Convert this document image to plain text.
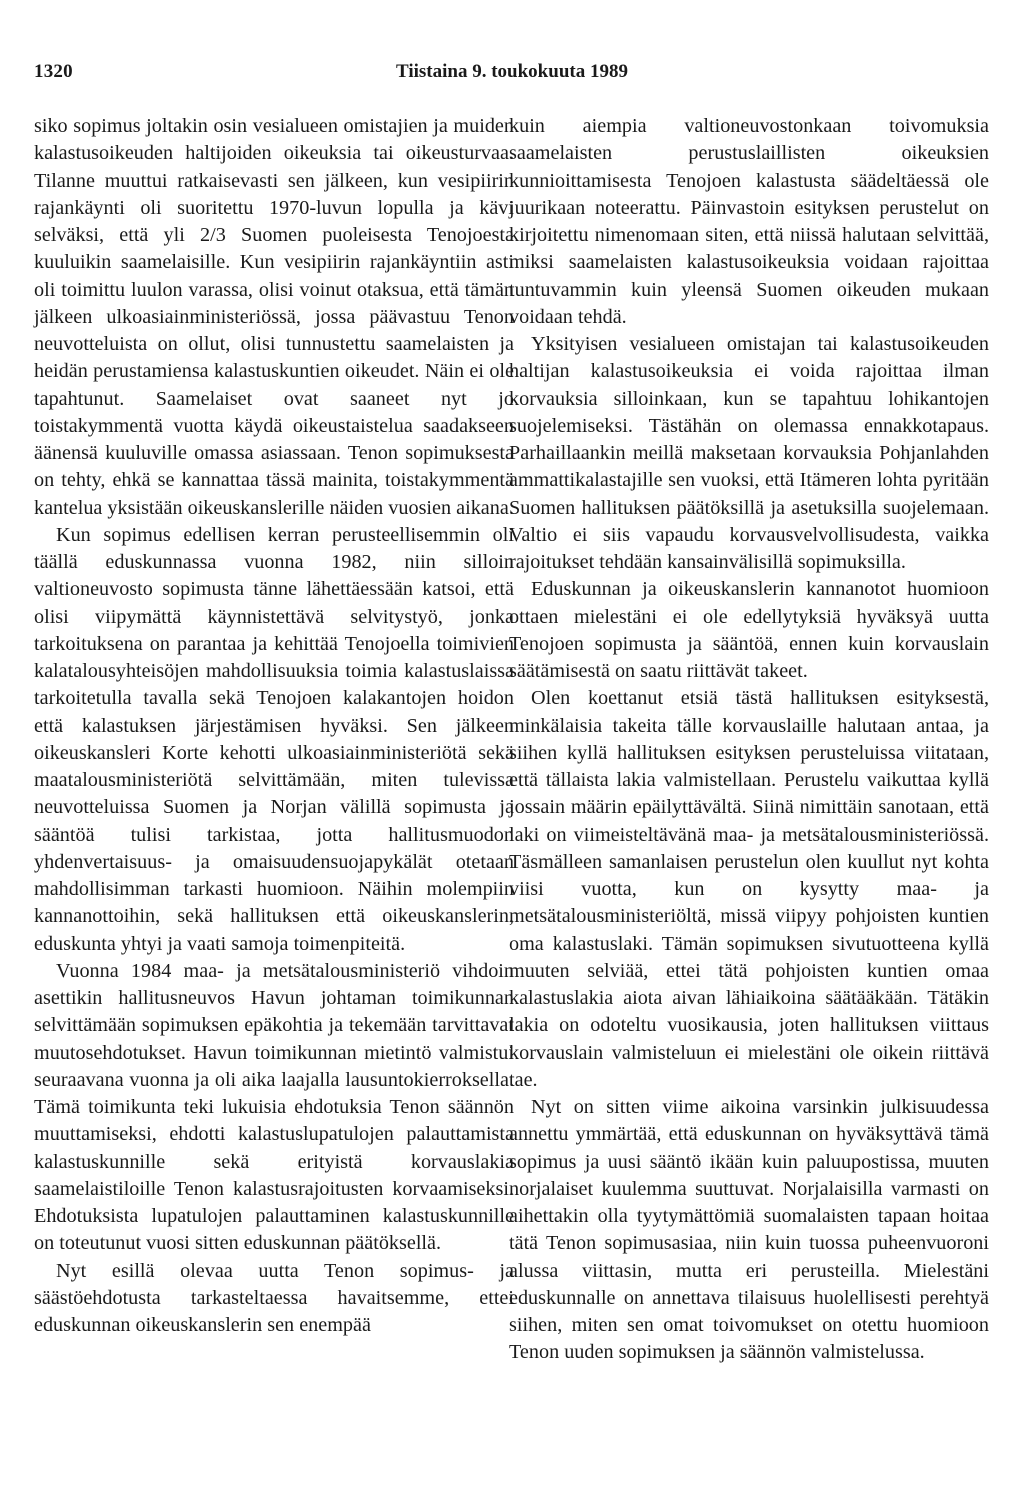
1320	Tiistaina 9. toukokuuta 1989

siko sopimus joltakin osin vesialueen omistajien ja muiden kalastusoikeuden haltijoiden oikeuksia tai oikeusturvaa. Tilanne muuttui ratkaisevasti sen jälkeen, kun vesipiirin rajankäynti oli suoritettu 1970-luvun lopulla ja kävi selväksi, että yli 2/3 Suomen puoleisesta Tenojoesta kuuluikin saamelaisille. Kun vesipiirin rajankäyntiin asti oli toimittu luulon varassa, olisi voinut otaksua, että tämän jälkeen ulkoasiainministeriössä, jossa päävastuu Tenon neuvotteluista on ollut, olisi tunnustettu saamelaisten ja heidän perustamiensa kalastuskuntien oikeudet. Näin ei ole tapahtunut. Saamelaiset ovat saaneet nyt jo toistakymmentä vuotta käydä oikeustaistelua saadakseen äänensä kuuluville omassa asiassaan. Tenon sopimuksesta on tehty, ehkä se kannattaa tässä mainita, toistakymmentä kantelua yksistään oikeuskanslerille näiden vuosien aikana.

Kun sopimus edellisen kerran perusteellisemmin oli täällä eduskunnassa vuonna 1982, niin silloin valtioneuvosto sopimusta tänne lähettäessään katsoi, että olisi viipymättä käynnistettävä selvitystyö, jonka tarkoituksena on parantaa ja kehittää Tenojoella toimivien kalatalousyhteisöjen mahdollisuuksia toimia kalastuslaissa tarkoitetulla tavalla sekä Tenojoen kalakantojen hoidon että kalastuksen järjestämisen hyväksi. Sen jälkeen oikeuskansleri Korte kehotti ulkoasiainministeriötä sekä maatalousministeriötä selvittämään, miten tulevissa neuvotteluissa Suomen ja Norjan välillä sopimusta ja sääntöä tulisi tarkistaa, jotta hallitusmuodon yhdenvertaisuus- ja omaisuudensuojapykälät otetaan mahdollisimman tarkasti huomioon. Näihin molempiin kannanottoihin, sekä hallituksen että oikeuskanslerin, eduskunta yhtyi ja vaati samoja toimenpiteitä.

Vuonna 1984 maa- ja metsätalousministeriö vihdoin asettikin hallitusneuvos Havun johtaman toimikunnan selvittämään sopimuksen epäkohtia ja tekemään tarvittavat muutosehdotukset. Havun toimikunnan mietintö valmistui seuraavana vuonna ja oli aika laajalla lausuntokierroksella. Tämä toimikunta teki lukuisia ehdotuksia Tenon säännön muuttamiseksi, ehdotti kalastuslupatulojen palauttamista kalastuskunnille sekä erityistä korvauslakia saamelaistiloille Tenon kalastusrajoitusten korvaamiseksi. Ehdotuksista lupatulojen palauttaminen kalastuskunnille on toteutunut vuosi sitten eduskunnan päätöksellä.

Nyt esillä olevaa uutta Tenon sopimus- ja säästöehdotusta tarkasteltaessa havaitsemme, ettei eduskunnan oikeuskanslerin sen enempää

kuin aiempia valtioneuvostonkaan toivomuksia saamelaisten perustuslaillisten oikeuksien kunnioittamisesta Tenojoen kalastusta säädeltäessä ole juurikaan noteerattu. Päinvastoin esityksen perustelut on kirjoitettu nimenomaan siten, että niissä halutaan selvittää, miksi saamelaisten kalastusoikeuksia voidaan rajoittaa tuntuvammin kuin yleensä Suomen oikeuden mukaan voidaan tehdä.

Yksityisen vesialueen omistajan tai kalastusoikeuden haltijan kalastusoikeuksia ei voida rajoittaa ilman korvauksia silloinkaan, kun se tapahtuu lohikantojen suojelemiseksi. Tästähän on olemassa ennakkotapaus. Parhaillaankin meillä maksetaan korvauksia Pohjanlahden ammattikalastajille sen vuoksi, että Itämeren lohta pyritään Suomen hallituksen päätöksillä ja asetuksilla suojelemaan. Valtio ei siis vapaudu korvausvelvollisudesta, vaikka rajoitukset tehdään kansainvälisillä sopimuksilla.

Eduskunnan ja oikeuskanslerin kannanotot huomioon ottaen mielestäni ei ole edellytyksiä hyväksyä uutta Tenojoen sopimusta ja sääntöä, ennen kuin korvauslain säätämisestä on saatu riittävät takeet.

Olen koettanut etsiä tästä hallituksen esityksestä, minkälaisia takeita tälle korvauslaille halutaan antaa, ja siihen kyllä hallituksen esityksen perusteluissa viitataan, että tällaista lakia valmistellaan. Perustelu vaikuttaa kyllä jossain määrin epäilyttävältä. Siinä nimittäin sanotaan, että laki on viimeisteltävänä maa- ja metsätalousministeriössä. Täsmälleen samanlaisen perustelun olen kuullut nyt kohta viisi vuotta, kun on kysytty maa- ja metsätalousministeriöltä, missä viipyy pohjoisten kuntien oma kalastuslaki. Tämän sopimuksen sivutuotteena kyllä muuten selviää, ettei tätä pohjoisten kuntien omaa kalastuslakia aiota aivan lähiaikoina säätääkään. Tätäkin lakia on odoteltu vuosikausia, joten hallituksen viittaus korvauslain valmisteluun ei mielestäni ole oikein riittävä tae.

Nyt on sitten viime aikoina varsinkin julkisuudessa annettu ymmärtää, että eduskunnan on hyväksyttävä tämä sopimus ja uusi sääntö ikään kuin paluupostissa, muuten norjalaiset kuulemma suuttuvat. Norjalaisilla varmasti on aihettakin olla tyytymättömiä suomalaisten tapaan hoitaa tätä Tenon sopimusasiaa, niin kuin tuossa puheenvuoroni alussa viittasin, mutta eri perusteilla. Mielestäni eduskunnalle on annettava tilaisuus huolellisesti perehtyä siihen, miten sen omat toivomukset on otettu huomioon Tenon uuden sopimuksen ja säännön valmistelussa.
